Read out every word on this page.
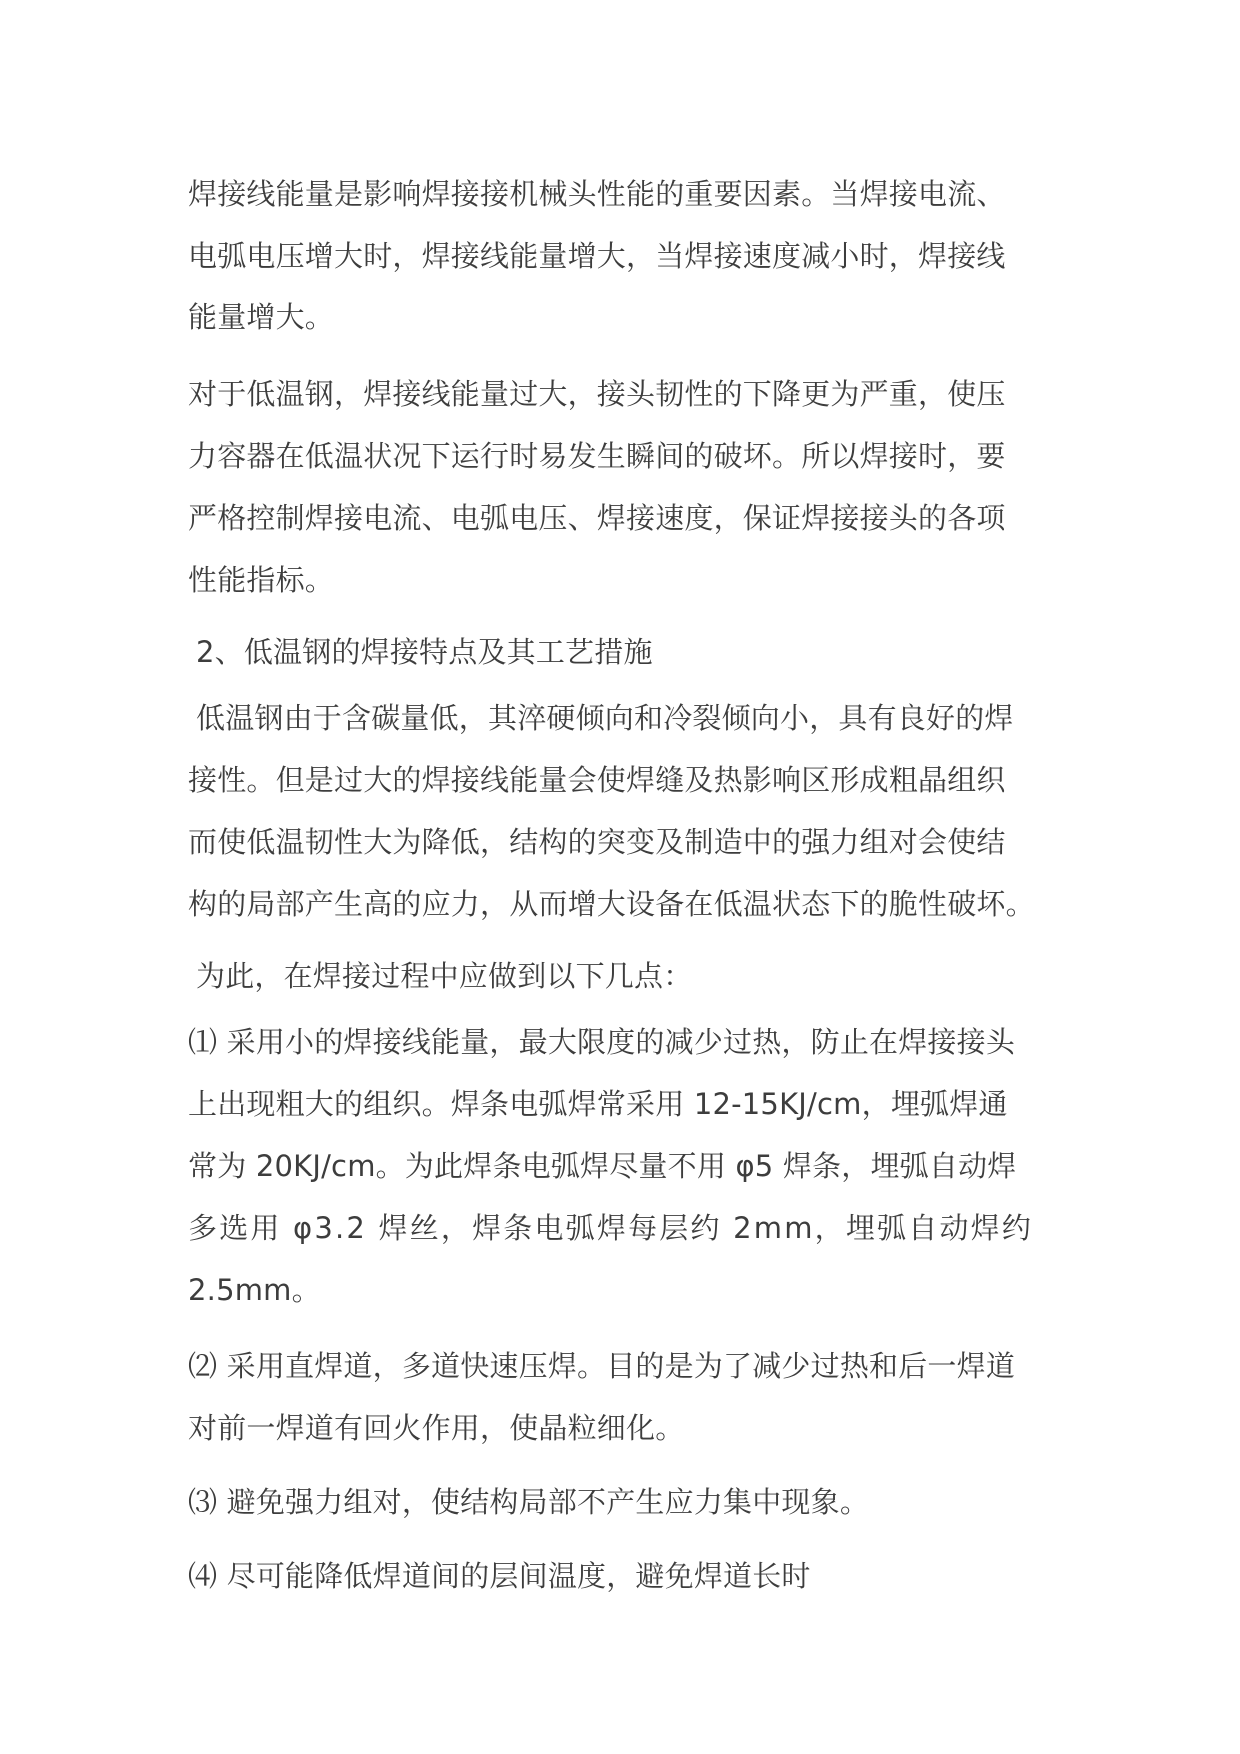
焊接线能量是影响焊接接机械头性能的重要因素。当焊接电流、
电弧电压增大时，焊接线能量增大，当焊接速度减小时，焊接线
能量增大。
对于低温钢，焊接线能量过大，接头韧性的下降更为严重，使压
力容器在低温状况下运行时易发生瞬间的破坏。所以焊接时，要
严格控制焊接电流、电弧电压、焊接速度，保证焊接接头的各项
性能指标。
2、低温钢的焊接特点及其工艺措施
低温钢由于含碳量低，其淬硬倾向和冷裂倾向小，具有良好的焊
接性。但是过大的焊接线能量会使焊缝及热影响区形成粗晶组织
而使低温韧性大为降低，结构的突变及制造中的强力组对会使结
构的局部产生高的应力，从而增大设备在低温状态下的脆性破坏。
为此，在焊接过程中应做到以下几点：
⑴ 采用小的焊接线能量，最大限度的减少过热，防止在焊接接头
上出现粗大的组织。焊条电弧焊常采用 12-15KJ/cm，埋弧焊通
常为 20KJ/cm。为此焊条电弧焊尽量不用 φ5 焊条，埋弧自动焊
多选用 φ3.2 焊丝，焊条电弧焊每层约 2mm，埋弧自动焊约
2.5mm。
⑵ 采用直焊道，多道快速压焊。目的是为了减少过热和后一焊道
对前一焊道有回火作用，使晶粒细化。
⑶ 避免强力组对，使结构局部不产生应力集中现象。
⑷ 尽可能降低焊道间的层间温度，避免焊道长时
